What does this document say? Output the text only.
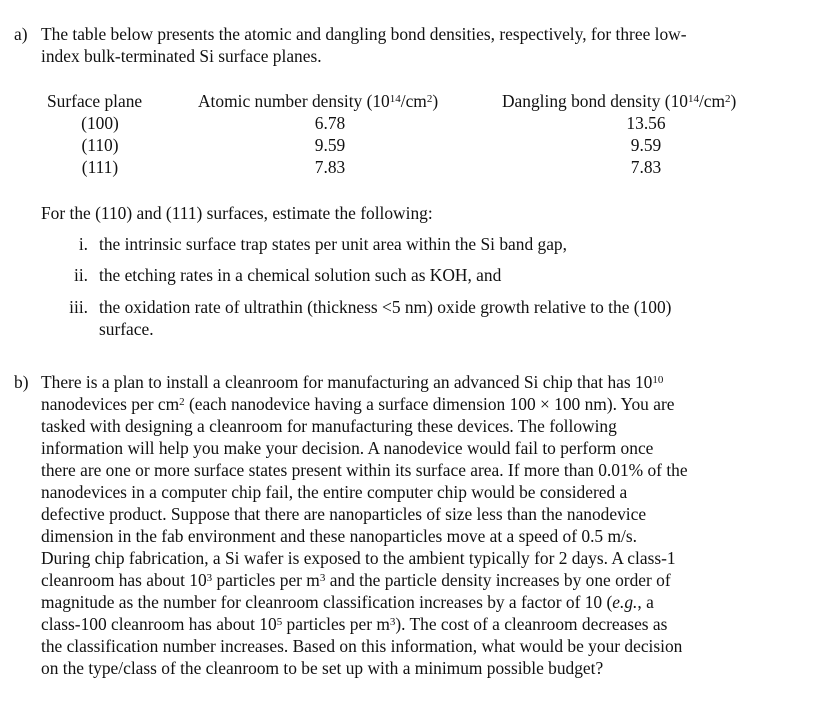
a) The table below presents the atomic and dangling bond densities, respectively, for three low-
index bulk-terminated Si surface planes.
Surface plane	Atomic number density $(10^{14}/cm^2)$	Dangling bond density $(10^{14}/cm^2)$
(100)	6.78	13.56
(110)	9.59	9.59
(111)	7.83	7.83
For the (110) and (111) surfaces, estimate the following:
i. the intrinsic surface trap states per unit area within the Si band gap,
ii. the etching rates in a chemical solution such as KOH, and
iii. the oxidation rate of ultrathin (thickness <5 nm) oxide growth relative to the (100)
surface.
b) There is a plan to install a cleanroom for manufacturing an advanced Si chip that has $10^{10}$
nanodevices per $cm^2$ (each nanodevice having a surface dimension 100 × 100 nm). You are
tasked with designing a cleanroom for manufacturing these devices. The following
information will help you make your decision. A nanodevice would fail to perform once
there are one or more surface states present within its surface area. If more than 0.01% of the
nanodevices in a computer chip fail, the entire computer chip would be considered a
defective product. Suppose that there are nanoparticles of size less than the nanodevice
dimension in the fab environment and these nanoparticles move at a speed of 0.5 m/s.
During chip fabrication, a Si wafer is exposed to the ambient typically for 2 days. A class-1
cleanroom has about $10^3$ particles per $m^3$ and the particle density increases by one order of
magnitude as the number for cleanroom classification increases by a factor of 10 (e.g., a
class-100 cleanroom has about $10^5$ particles per $m^3$). The cost of a cleanroom decreases as
the classification number increases. Based on this information, what would be your decision
on the type/class of the cleanroom to be set up with a minimum possible budget?
